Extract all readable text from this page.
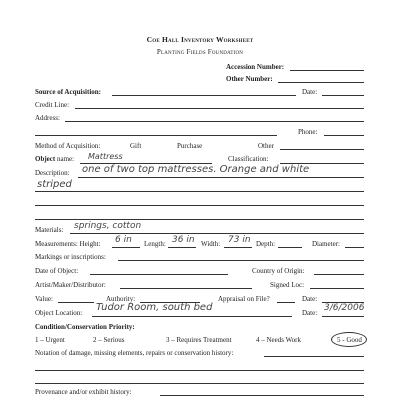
Coe Hall Inventory Worksheet
Planting Fields Foundation
Accession Number:
Other Number:
Source of Acquisition:	Date:
Credit Line:
Address:
Phone:
Method of Acquisition:	Gift	Purchase	Other
Object name: Mattress	Classification:
Description: one of two top mattresses. Orange and white
striped
Materials: springs, cotton
Measurements: Height: 6 in Length: 36 in Width: 73 in Depth:	Diameter:
Markings or inscriptions:
Date of Object:	Country of Origin:
Artist/Maker/Distributor:	Signed Loc:
Value:	Authority:	Appraisal on File?	Date:
Object Location: Tudor Room, south bed	Date: 3/6/2006
Condition/Conservation Priority:
1 – Urgent	2 – Serious	3 – Requires Treatment	4 – Needs Work	5 - Good
Notation of damage, missing elements, repairs or conservation history:
Provenance and/or exhibit history:
